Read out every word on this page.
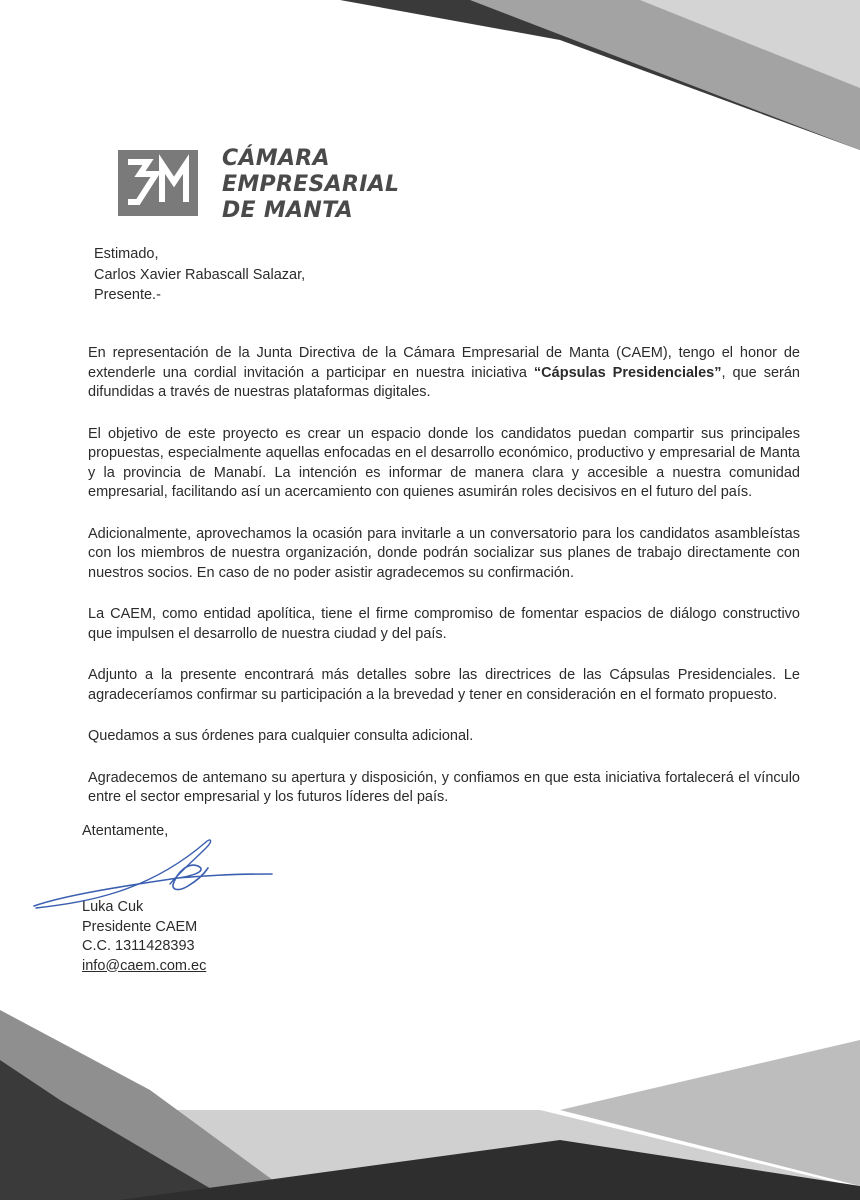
CÁMARA
EMPRESARIAL
DE MANTA
Estimado,
Carlos Xavier Rabascall Salazar,
Presente.-

En representación de la Junta Directiva de la Cámara Empresarial de Manta (CAEM), tengo el honor de extenderle una cordial invitación a participar en nuestra iniciativa “Cápsulas Presidenciales”, que serán difundidas a través de nuestras plataformas digitales.

El objetivo de este proyecto es crear un espacio donde los candidatos puedan compartir sus principales propuestas, especialmente aquellas enfocadas en el desarrollo económico, productivo y empresarial de Manta y la provincia de Manabí. La intención es informar de manera clara y accesible a nuestra comunidad empresarial, facilitando así un acercamiento con quienes asumirán roles decisivos en el futuro del país.

Adicionalmente, aprovechamos la ocasión para invitarle a un conversatorio para los candidatos asambleístas con los miembros de nuestra organización, donde podrán socializar sus planes de trabajo directamente con nuestros socios. En caso de no poder asistir agradecemos su confirmación.

La CAEM, como entidad apolítica, tiene el firme compromiso de fomentar espacios de diálogo constructivo que impulsen el desarrollo de nuestra ciudad y del país.

Adjunto a la presente encontrará más detalles sobre las directrices de las Cápsulas Presidenciales. Le agradeceríamos confirmar su participación a la brevedad y tener en consideración en el formato propuesto.

Quedamos a sus órdenes para cualquier consulta adicional.

Agradecemos de antemano su apertura y disposición, y confiamos en que esta iniciativa fortalecerá el vínculo entre el sector empresarial y los futuros líderes del país.

Atentamente,

Luka Cuk
Presidente CAEM
C.C. 1311428393
info@caem.com.ec
